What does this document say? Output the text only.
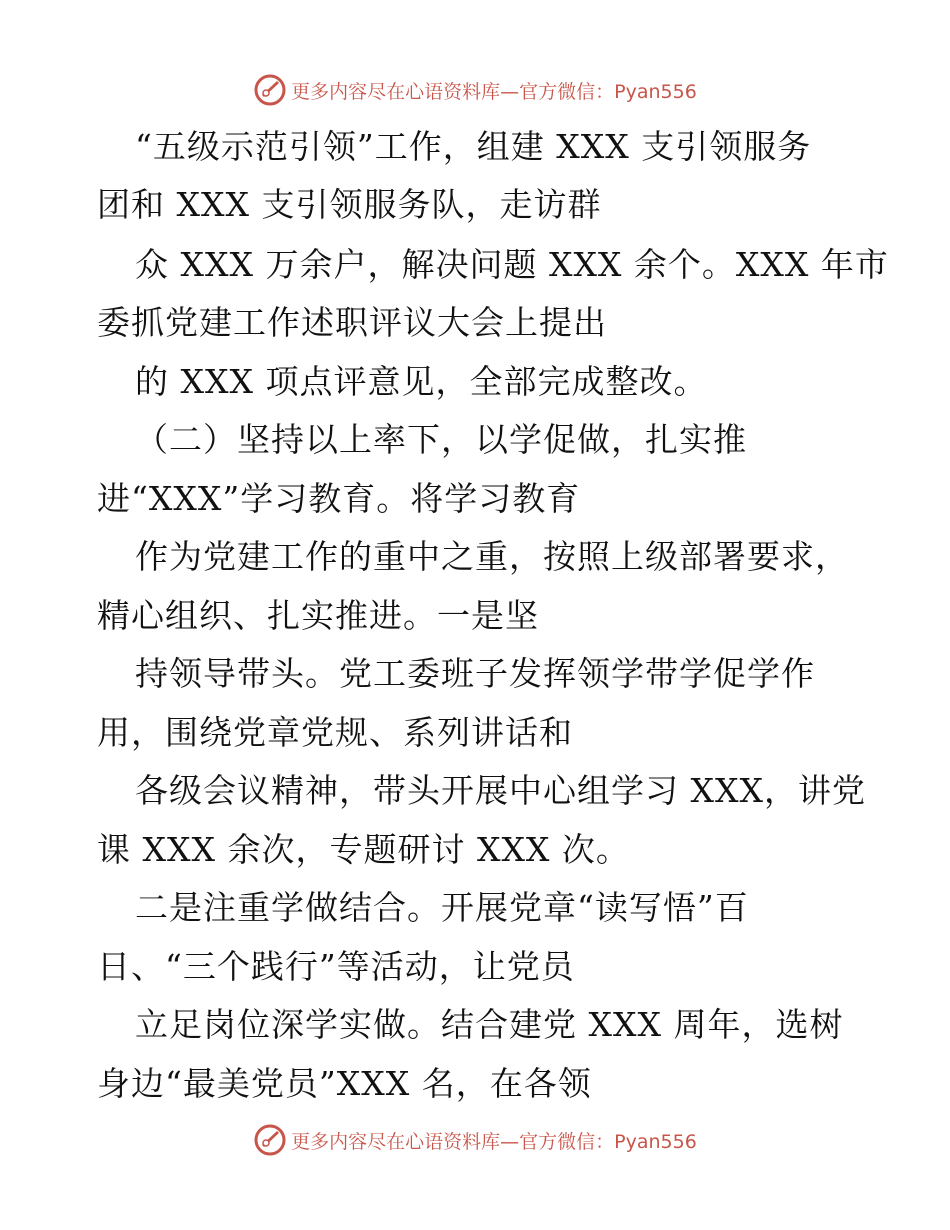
更多内容尽在心语资料库—官方微信：Pyan556
“五级示范引领”工作，组建 XXX 支引领服务
团和 XXX 支引领服务队，走访群
众 XXX 万余户，解决问题 XXX 余个。XXX 年市
委抓党建工作述职评议大会上提出
的 XXX 项点评意见，全部完成整改。
（二）坚持以上率下，以学促做，扎实推
进“XXX”学习教育。将学习教育
作为党建工作的重中之重，按照上级部署要求，
精心组织、扎实推进。一是坚
持领导带头。党工委班子发挥领学带学促学作
用，围绕党章党规、系列讲话和
各级会议精神，带头开展中心组学习 XXX，讲党
课 XXX 余次，专题研讨 XXX 次。
二是注重学做结合。开展党章“读写悟”百
日、“三个践行”等活动，让党员
立足岗位深学实做。结合建党 XXX 周年，选树
身边“最美党员”XXX 名，在各领
更多内容尽在心语资料库—官方微信：Pyan556
